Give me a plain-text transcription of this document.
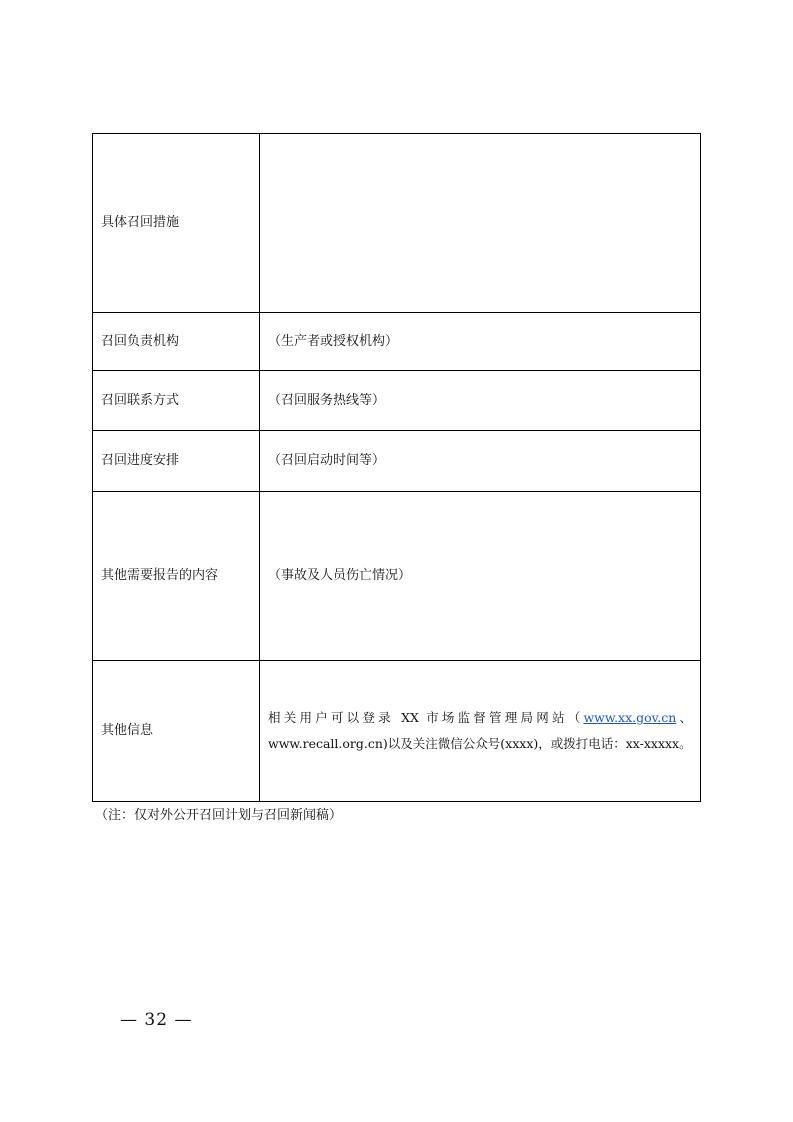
具体召回措施	
召回负责机构	（生产者或授权机构）
召回联系方式	（召回服务热线等）
召回进度安排	（召回启动时间等）
其他需要报告的内容	（事故及人员伤亡情况）
其他信息	相关用户可以登录 XX 市场监督管理局网站（www.xx.gov.cn、www.recall.org.cn)以及关注微信公众号(xxxx)，或拨打电话：xx-xxxxx。
（注：仅对外公开召回计划与召回新闻稿）
— 32 —
